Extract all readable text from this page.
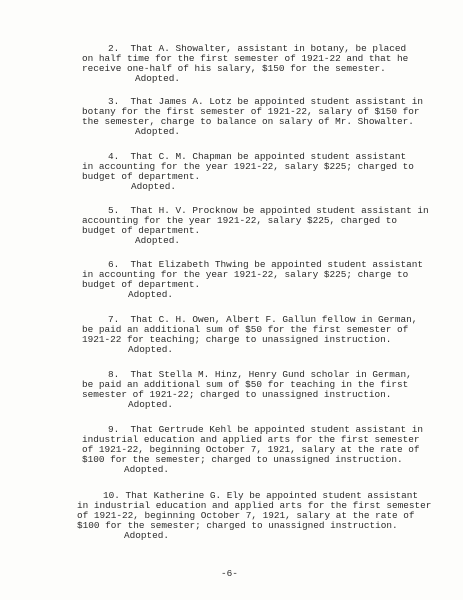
2.  That A. Showalter, assistant in botany, be placed
on half time for the first semester of 1921-22 and that he
receive one-half of his salary, $150 for the semester.
Adopted.
3.  That James A. Lotz be appointed student assistant in
botany for the first semester of 1921-22, salary of $150 for
the semester, charge to balance on salary of Mr. Showalter.
Adopted.
4.  That C. M. Chapman be appointed student assistant
in accounting for the year 1921-22, salary $225; charged to
budget of department.
Adopted.
5.  That H. V. Procknow be appointed student assistant in
accounting for the year 1921-22, salary $225, charged to
budget of department.
Adopted.
6.  That Elizabeth Thwing be appointed student assistant
in accounting for the year 1921-22, salary $225; charge to
budget of department.
Adopted.
7.  That C. H. Owen, Albert F. Gallun fellow in German,
be paid an additional sum of $50 for the first semester of
1921-22 for teaching; charge to unassigned instruction.
Adopted.
8.  That Stella M. Hinz, Henry Gund scholar in German,
be paid an additional sum of $50 for teaching in the first
semester of 1921-22; charged to unassigned instruction.
Adopted.
9.  That Gertrude Kehl be appointed student assistant in
industrial education and applied arts for the first semester
of 1921-22, beginning October 7, 1921, salary at the rate of
$100 for the semester; charged to unassigned instruction.
Adopted.
10. That Katherine G. Ely be appointed student assistant
in industrial education and applied arts for the first semester
of 1921-22, beginning October 7, 1921, salary at the rate of
$100 for the semester; charged to unassigned instruction.
Adopted.
-6-
